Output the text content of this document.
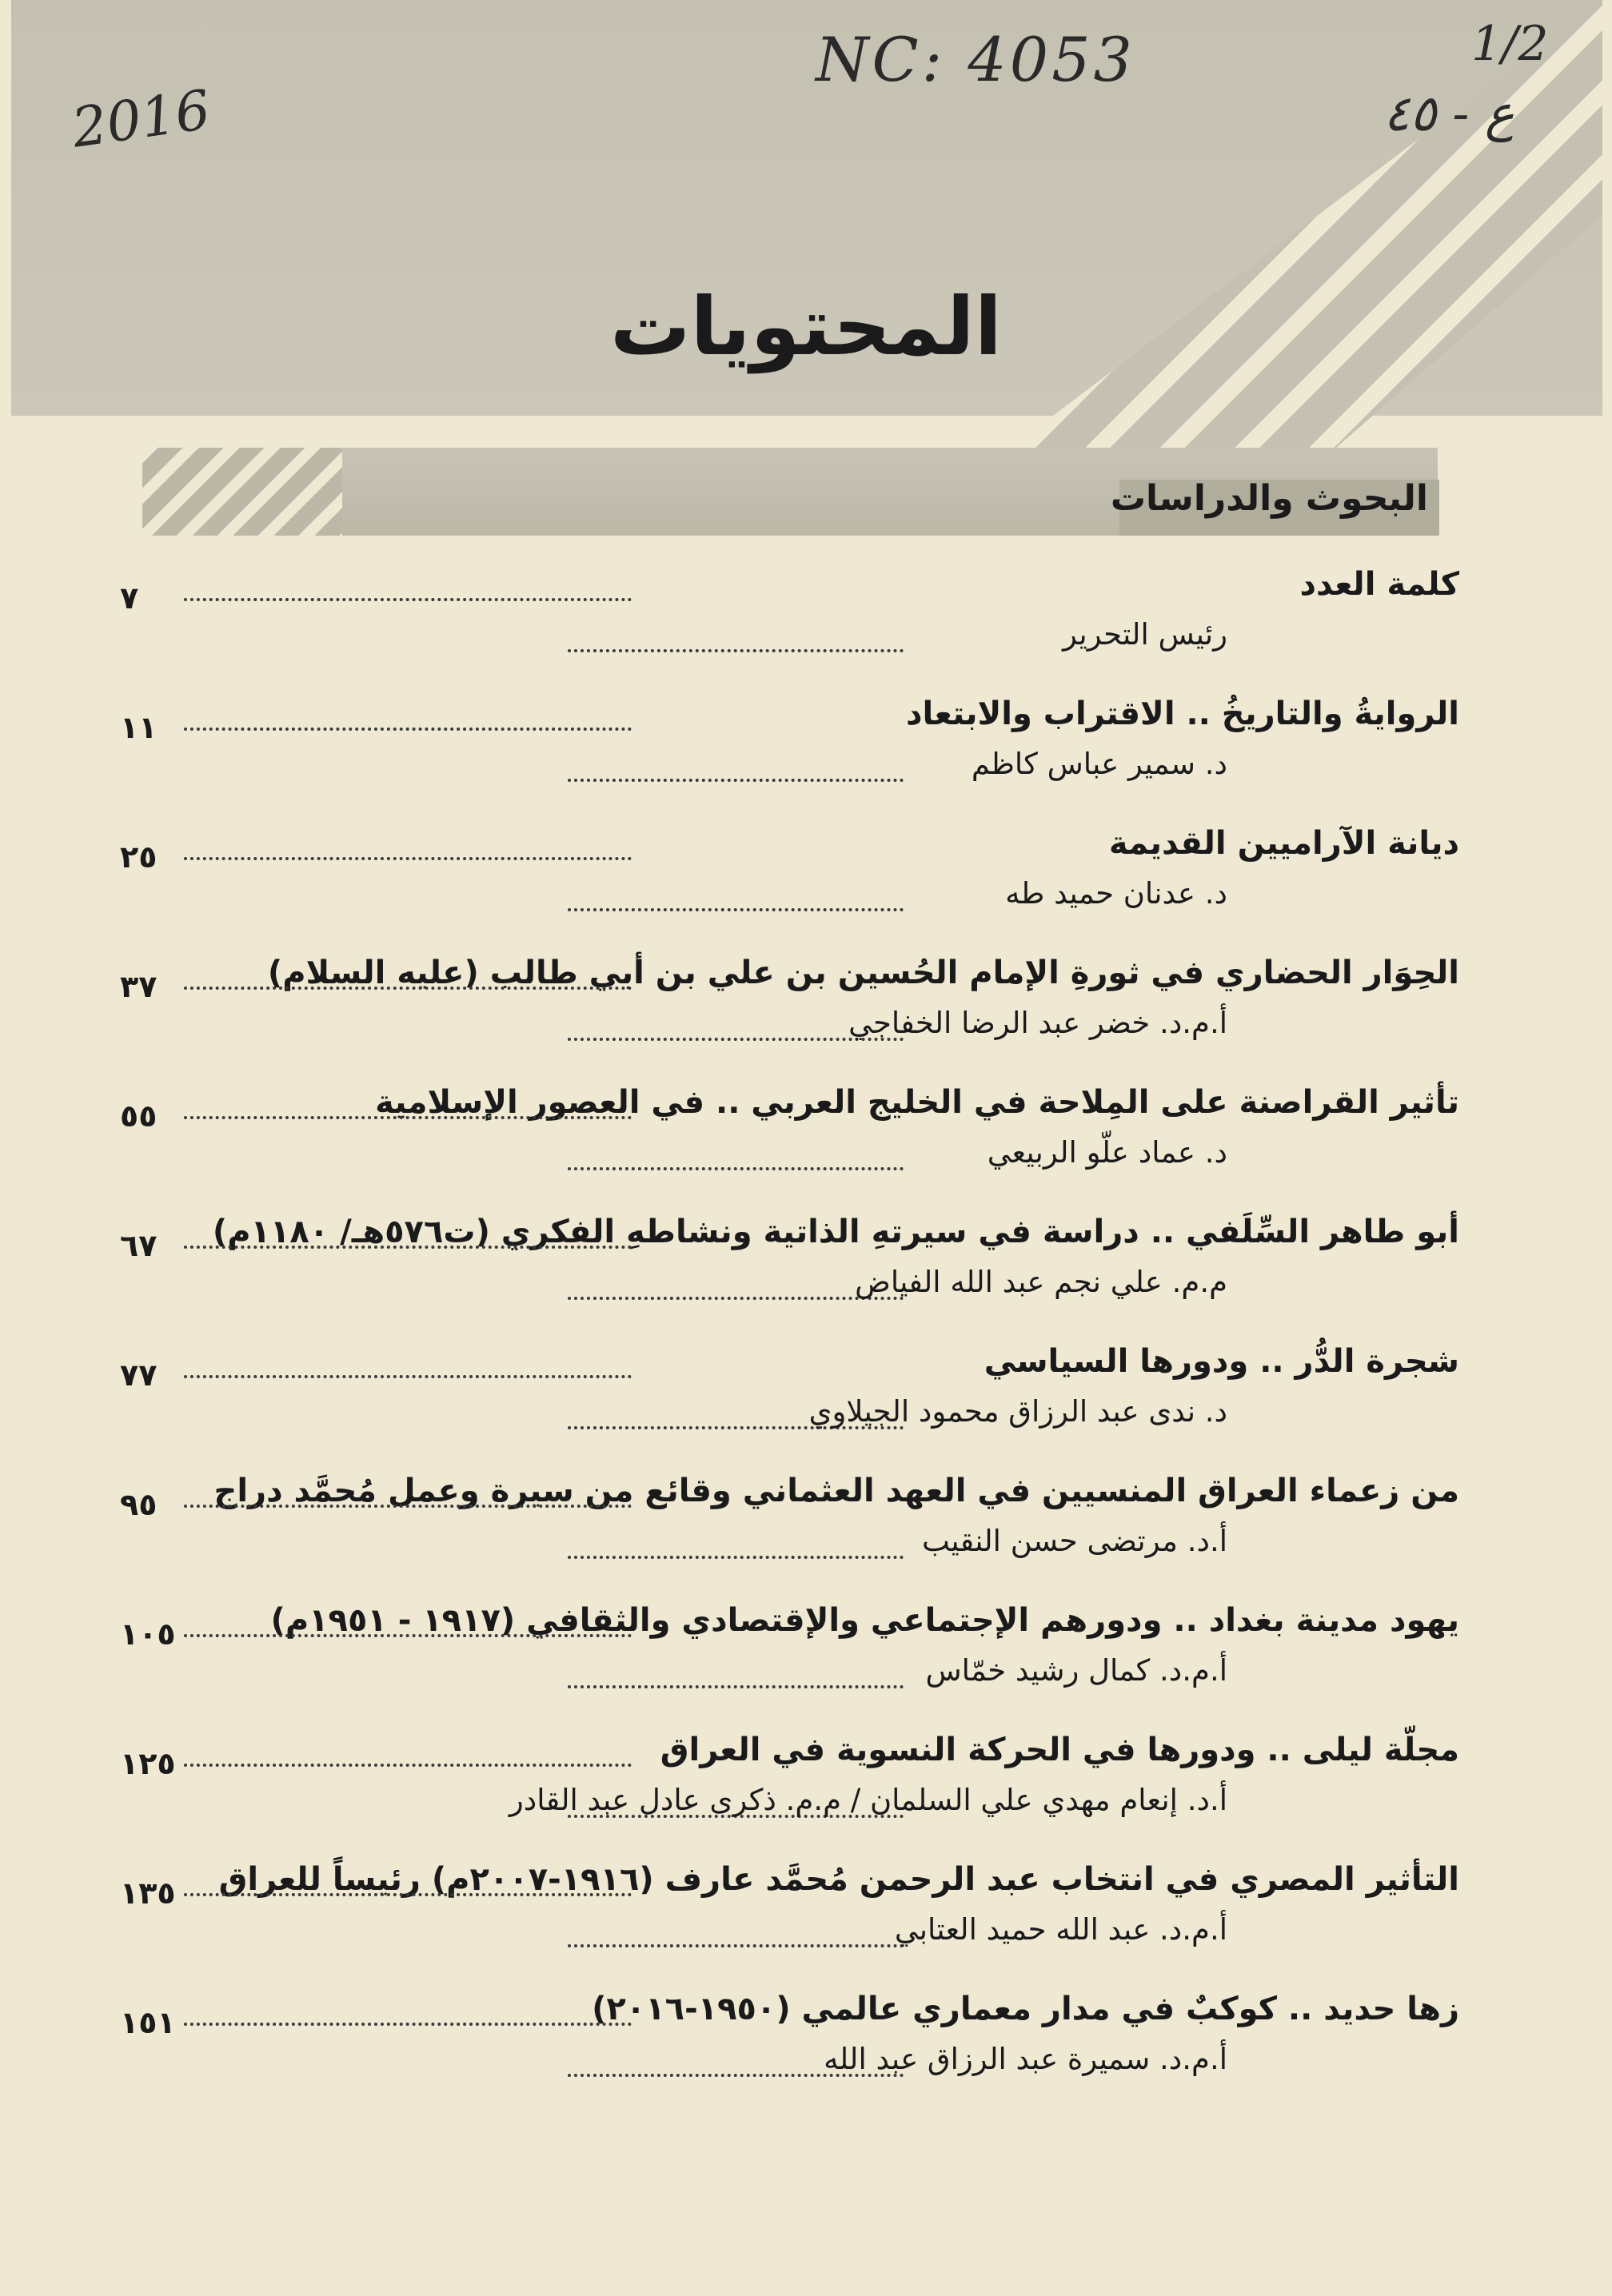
2016
NC: 4053	1/2
ع - ٤٥
المحتويات
البحوث والدراسات
كلمة العدد
٧
رئيس التحرير
الروايةُ والتاريخُ .. الاقتراب والابتعاد
١١
د. سمير عباس كاظم
ديانة الآراميين القديمة
٢٥
د. عدنان حميد طه
الحِوَار الحضاري في ثورةِ الإمام الحُسين بن علي بن أبي طالب (عليه السلام)
٣٧
أ.م.د. خضر عبد الرضا الخفاجي
تأثير القراصنة على المِلاحة في الخليج العربي .. في العصور الإسلامية
٥٥
د. عماد علّو الربيعي
أبو طاهر السِّلَفي .. دراسة في سيرتهِ الذاتية ونشاطهِ الفكري (ت٥٧٦هـ/ ١١٨٠م)
٦٧
م.م. علي نجم عبد الله الفياض
شجرة الدُّر .. ودورها السياسي
٧٧
د. ندى عبد الرزاق محمود الجيلاوي
من زعماء العراق المنسيين في العهد العثماني وقائع من سيرة وعمل مُحمَّد دراج
٩٥
أ.د. مرتضى حسن النقيب
يهود مدينة بغداد .. ودورهم الإجتماعي والإقتصادي والثقافي (١٩١٧ - ١٩٥١م)
١٠٥
أ.م.د. كمال رشيد خمّاس
مجلّة ليلى .. ودورها في الحركة النسوية في العراق
١٢٥
أ.د. إنعام مهدي علي السلمان / م.م. ذكرى عادل عبد القادر
التأثير المصري في انتخاب عبد الرحمن مُحمَّد عارف (١٩١٦-٢٠٠٧م) رئيساً للعراق
١٣٥
أ.م.د. عبد الله حميد العتابي
زها حديد .. كوكبٌ في مدار معماري عالمي (١٩٥٠-٢٠١٦)
١٥١
أ.م.د. سميرة عبد الرزاق عبد الله
